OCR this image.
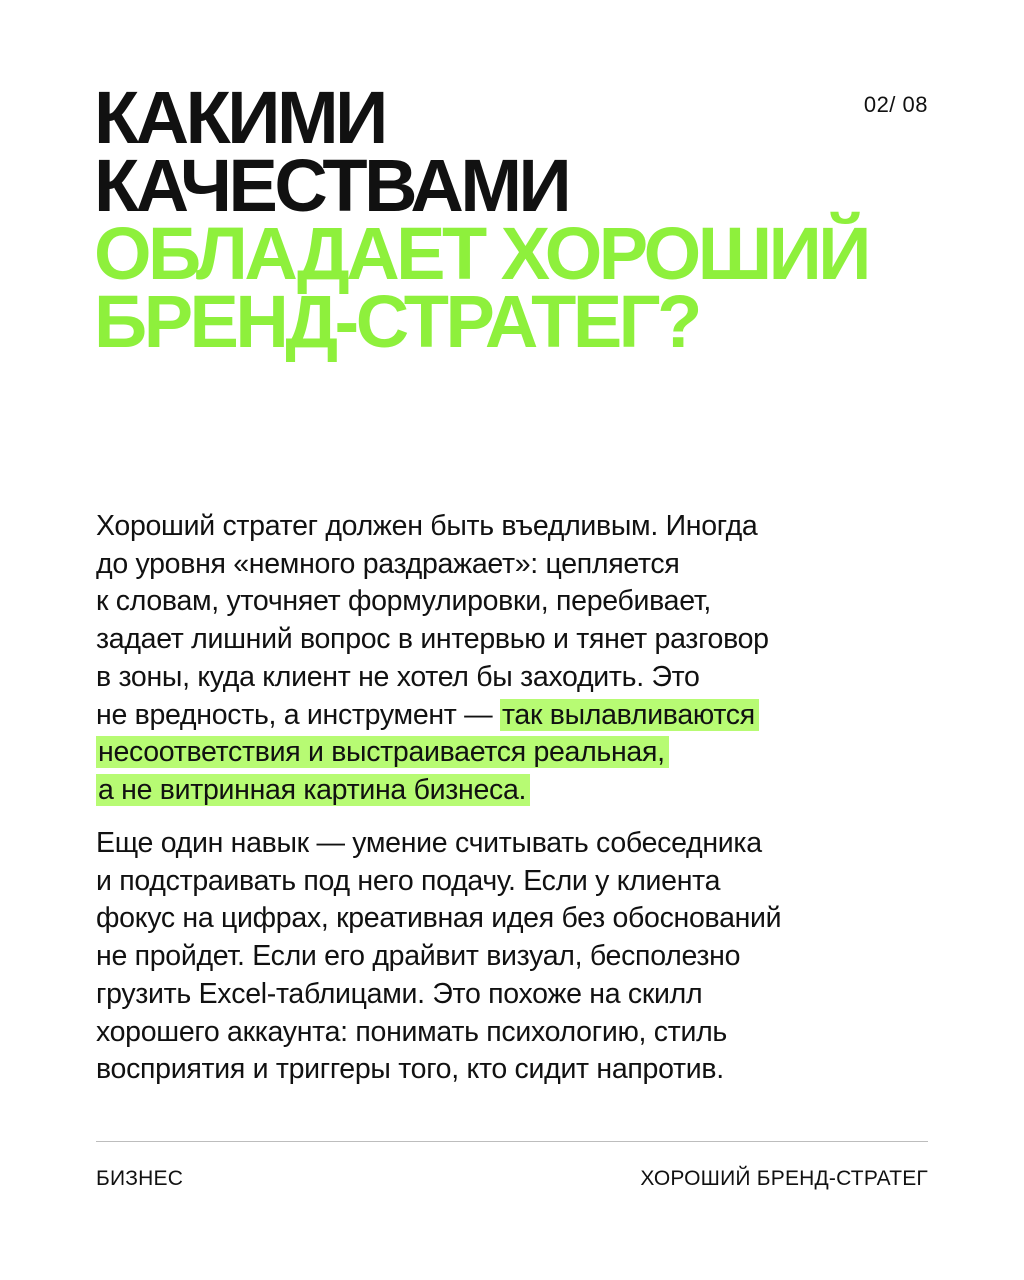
02/ 08
КАКИМИ
КАЧЕСТВАМИ
ОБЛАДАЕТ ХОРОШИЙ
БРЕНД-СТРАТЕГ?

Хороший стратег должен быть въедливым. Иногда
до уровня «немного раздражает»: цепляется
к словам, уточняет формулировки, перебивает,
задает лишний вопрос в интервью и тянет разговор
в зоны, куда клиент не хотел бы заходить. Это
не вредность, а инструмент — так вылавливаются
несоответствия и выстраивается реальная,
а не витринная картина бизнеса.

Еще один навык — умение считывать собеседника
и подстраивать под него подачу. Если у клиента
фокус на цифрах, креативная идея без обоснований
не пройдет. Если его драйвит визуал, бесполезно
грузить Excel-таблицами. Это похоже на скилл
хорошего аккаунта: понимать психологию, стиль
восприятия и триггеры того, кто сидит напротив.

БИЗНЕС	ХОРОШИЙ БРЕНД-СТРАТЕГ
